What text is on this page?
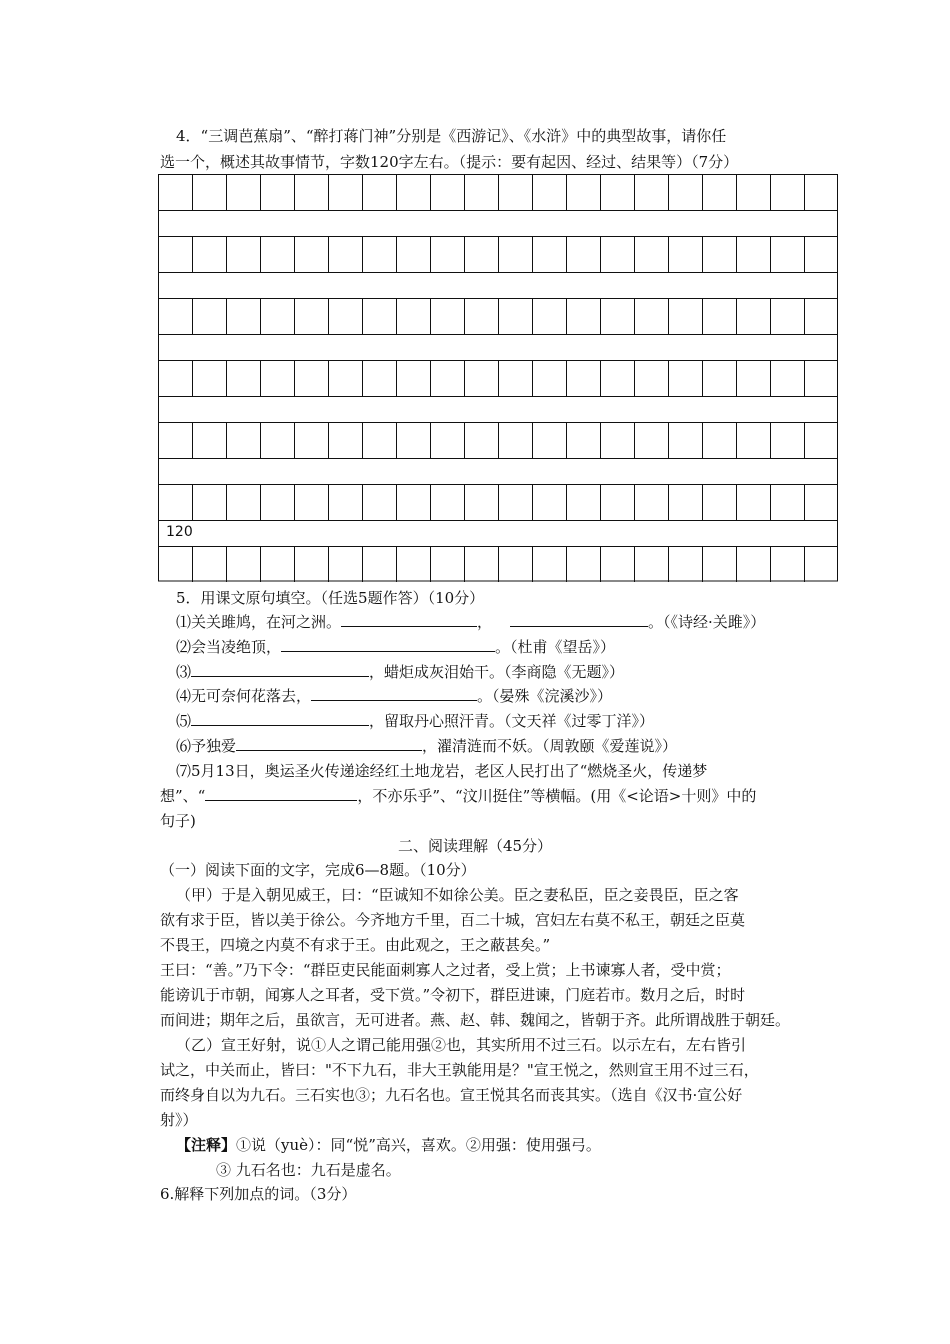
4．“三调芭蕉扇”、“醉打蒋门神”分别是《西游记》、《水浒》中的典型故事，请你任
选一个，概述其故事情节，字数120字左右。（提示：要有起因、经过、结果等）（7分）
120
5．用课文原句填空。（任选5题作答）（10分）
⑴关关雎鸠，在河之洲。	，	。（《诗经·关雎》）
⑵会当凌绝顶，	。（杜甫《望岳》）
⑶	，蜡炬成灰泪始干。（李商隐《无题》）
⑷无可奈何花落去，	。（晏殊《浣溪沙》）
⑸	，留取丹心照汗青。（文天祥《过零丁洋》）
⑹予独爱	，濯清涟而不妖。（周敦颐《爱莲说》）
⑺5月13日，奥运圣火传递途经红土地龙岩，老区人民打出了“燃烧圣火，传递梦
想”、“	，不亦乐乎”、“汶川挺住”等横幅。(用《<论语>十则》中的
句子)
二、阅读理解（45分）
（一）阅读下面的文字，完成6—8题。（10分）
（甲）于是入朝见威王，曰：“臣诚知不如徐公美。臣之妻私臣，臣之妾畏臣，臣之客
欲有求于臣，皆以美于徐公。今齐地方千里，百二十城，宫妇左右莫不私王，朝廷之臣莫
不畏王，四境之内莫不有求于王。由此观之，王之蔽甚矣。”
王曰：“善。”乃下令：“群臣吏民能面刺寡人之过者，受上赏；上书谏寡人者，受中赏；
能谤讥于市朝，闻寡人之耳者，受下赏。”令初下，群臣进谏，门庭若市。数月之后，时时
而间进；期年之后，虽欲言，无可进者。燕、赵、韩、魏闻之，皆朝于齐。此所谓战胜于朝廷。
（乙）宣王好射，说①人之谓己能用强②也，其实所用不过三石。以示左右，左右皆引
试之，中关而止，皆曰："不下九石，非大王孰能用是？"宣王悦之，然则宣王用不过三石，
而终身自以为九石。三石实也③；九石名也。宣王悦其名而丧其实。（选自《汉书·宣公好
射》）
【注释】①说（yuè）：同“悦”高兴，喜欢。②用强：使用强弓。
③ 九石名也：九石是虚名。
6.解释下列加点的词。（3分）
